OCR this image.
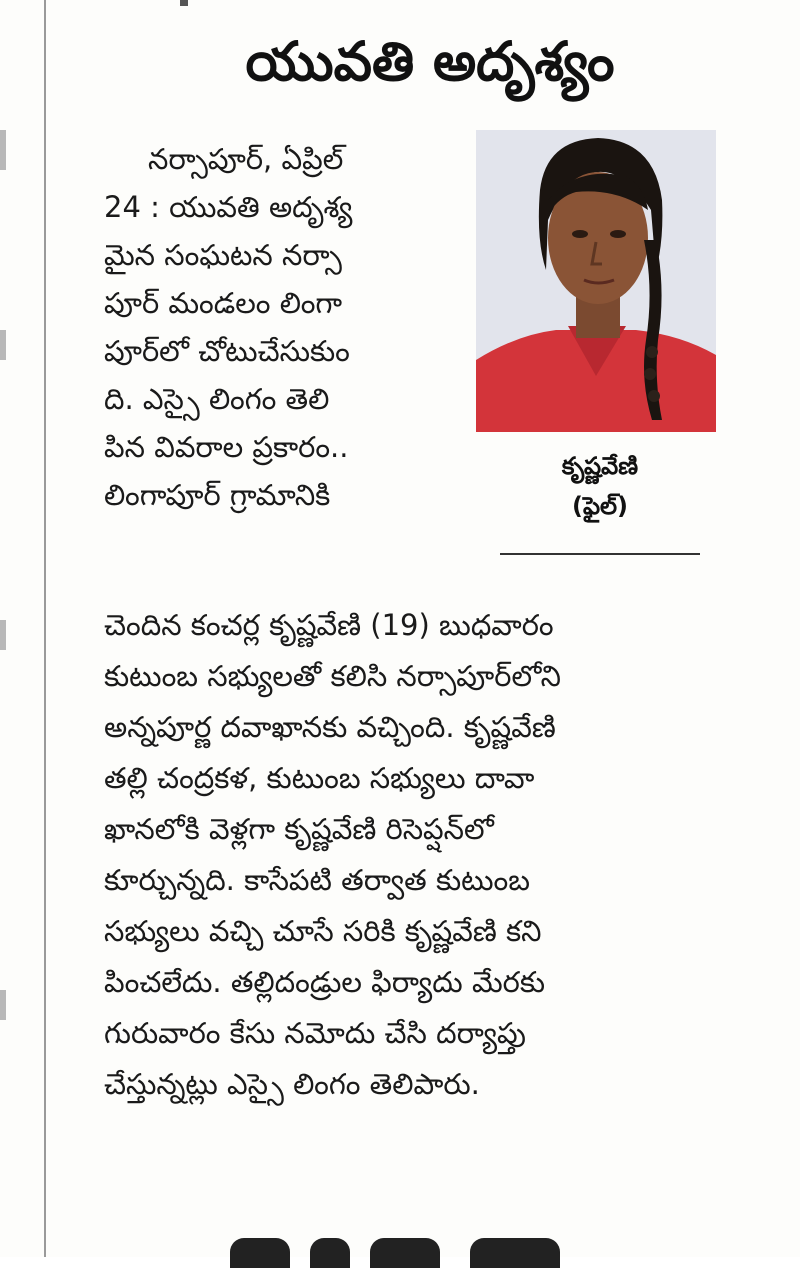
యువతి అదృశ్యం
నర్సాపూర్, ఏప్రిల్
24 : యువతి అదృశ్య
మైన సంఘటన నర్సా
పూర్ మండలం లింగా
పూర్‌లో చోటుచేసుకుం
ది. ఎస్సై లింగం తెలి
పిన వివరాల ప్రకారం..
లింగాపూర్ గ్రామానికి
కృష్ణవేణి
(ఫైల్)
చెందిన కంచర్ల కృష్ణవేణి (19) బుధవారం
కుటుంబ సభ్యులతో కలిసి నర్సాపూర్‌లోని
అన్నపూర్ణ దవాఖానకు వచ్చింది. కృష్ణవేణి
తల్లి చంద్రకళ, కుటుంబ సభ్యులు దావా
ఖానలోకి వెళ్లగా కృష్ణవేణి రిసెప్షన్‌లో
కూర్చున్నది. కాసేపటి తర్వాత కుటుంబ
సభ్యులు వచ్చి చూసే సరికి కృష్ణవేణి కని
పించలేదు. తల్లిదండ్రుల ఫిర్యాదు మేరకు
గురువారం కేసు నమోదు చేసి దర్యాప్తు
చేస్తున్నట్లు ఎస్సై లింగం తెలిపారు.
